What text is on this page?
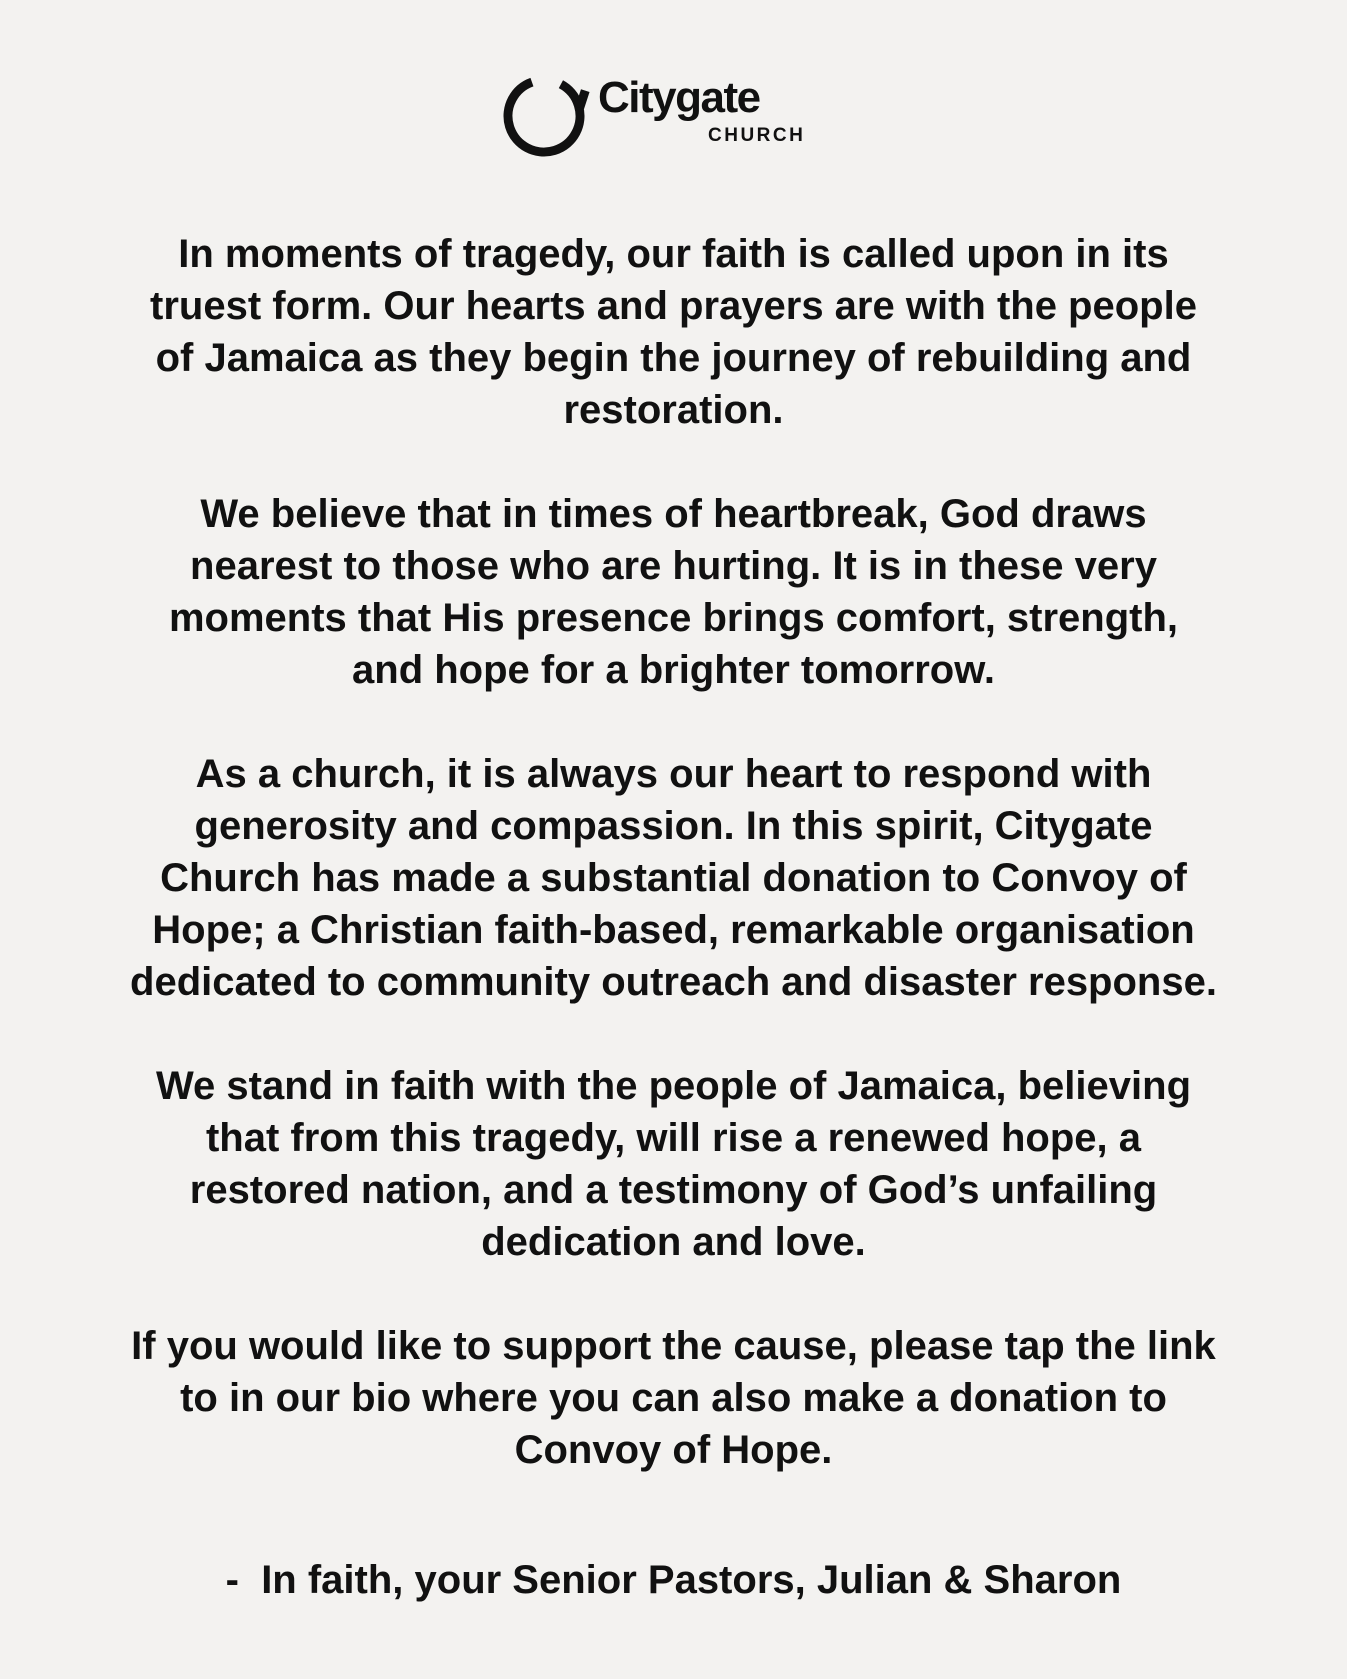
Citygate
CHURCH

In moments of tragedy, our faith is called upon in its
truest form. Our hearts and prayers are with the people
of Jamaica as they begin the journey of rebuilding and
restoration.

We believe that in times of heartbreak, God draws
nearest to those who are hurting. It is in these very
moments that His presence brings comfort, strength,
and hope for a brighter tomorrow.

As a church, it is always our heart to respond with
generosity and compassion. In this spirit, Citygate
Church has made a substantial donation to Convoy of
Hope; a Christian faith-based, remarkable organisation
dedicated to community outreach and disaster response.

We stand in faith with the people of Jamaica, believing
that from this tragedy, will rise a renewed hope, a
restored nation, and a testimony of God’s unfailing
dedication and love.

If you would like to support the cause, please tap the link
to in our bio where you can also make a donation to
Convoy of Hope.

-  In faith, your Senior Pastors, Julian & Sharon
